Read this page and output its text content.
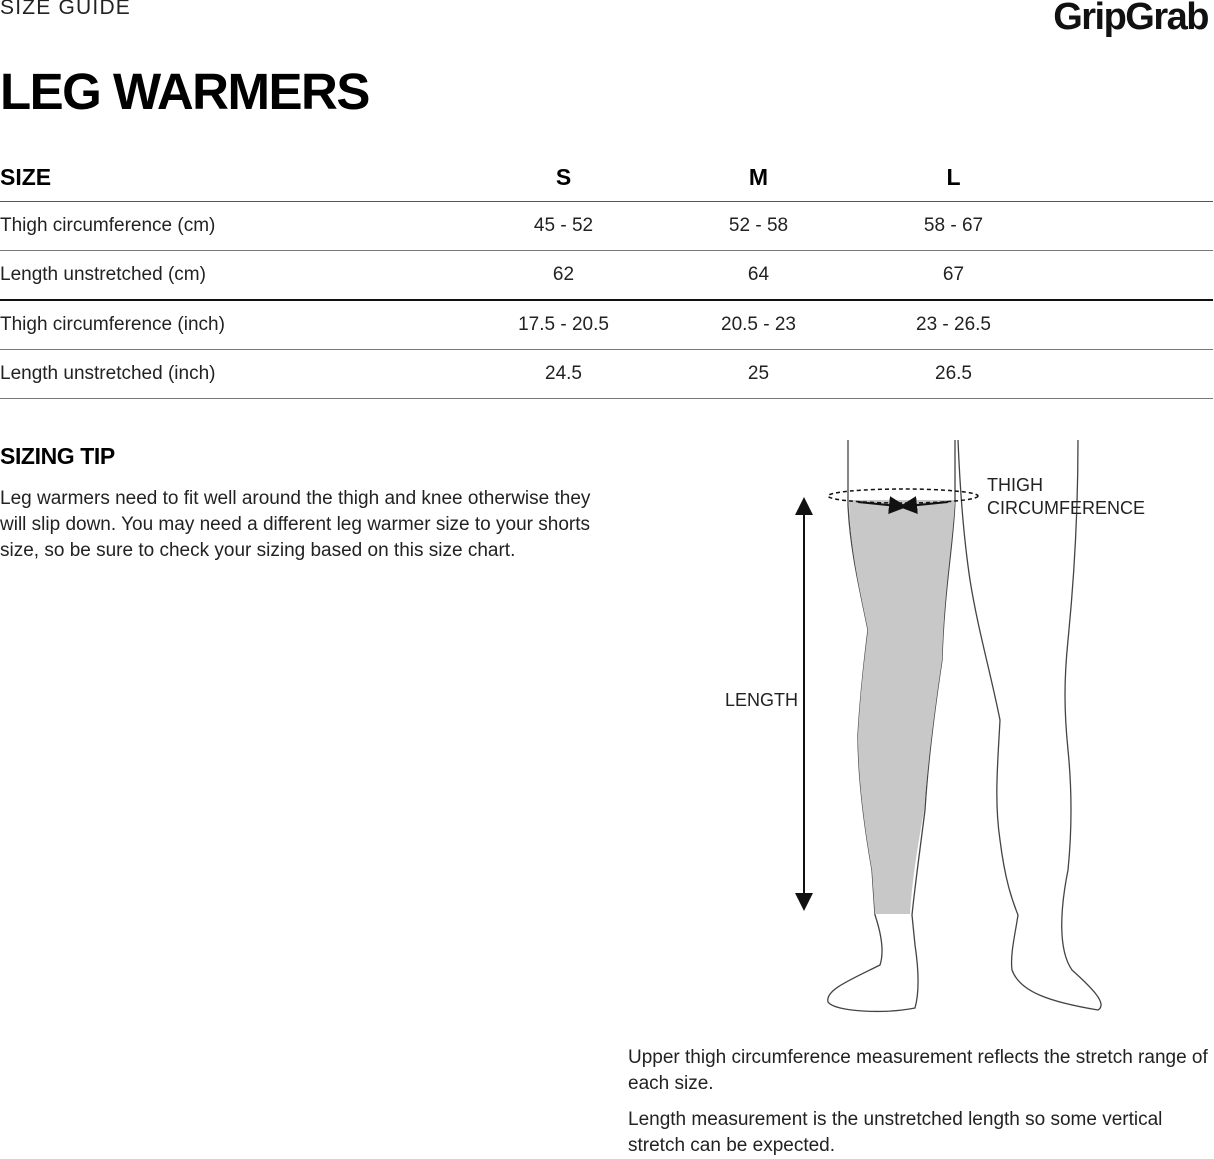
SIZE GUIDE	GripGrab
LEG WARMERS
SIZE	S	M	L	
Thigh circumference (cm)	45 - 52	52 - 58	58 - 67	
Length unstretched (cm)	62	64	67	
Thigh circumference (inch)	17.5 - 20.5	20.5 - 23	23 - 26.5	
Length unstretched (inch)	24.5	25	26.5	
SIZING TIP

Leg warmers need to fit well around the thigh and knee otherwise they will slip down. You may need a different leg warmer size to your shorts size, so be sure to check your sizing based on this size chart.

THIGH
CIRCUMFERENCE
LENGTH

Upper thigh circumference measurement reflects the stretch range of each size.

Length measurement is the unstretched length so some vertical stretch can be expected.
